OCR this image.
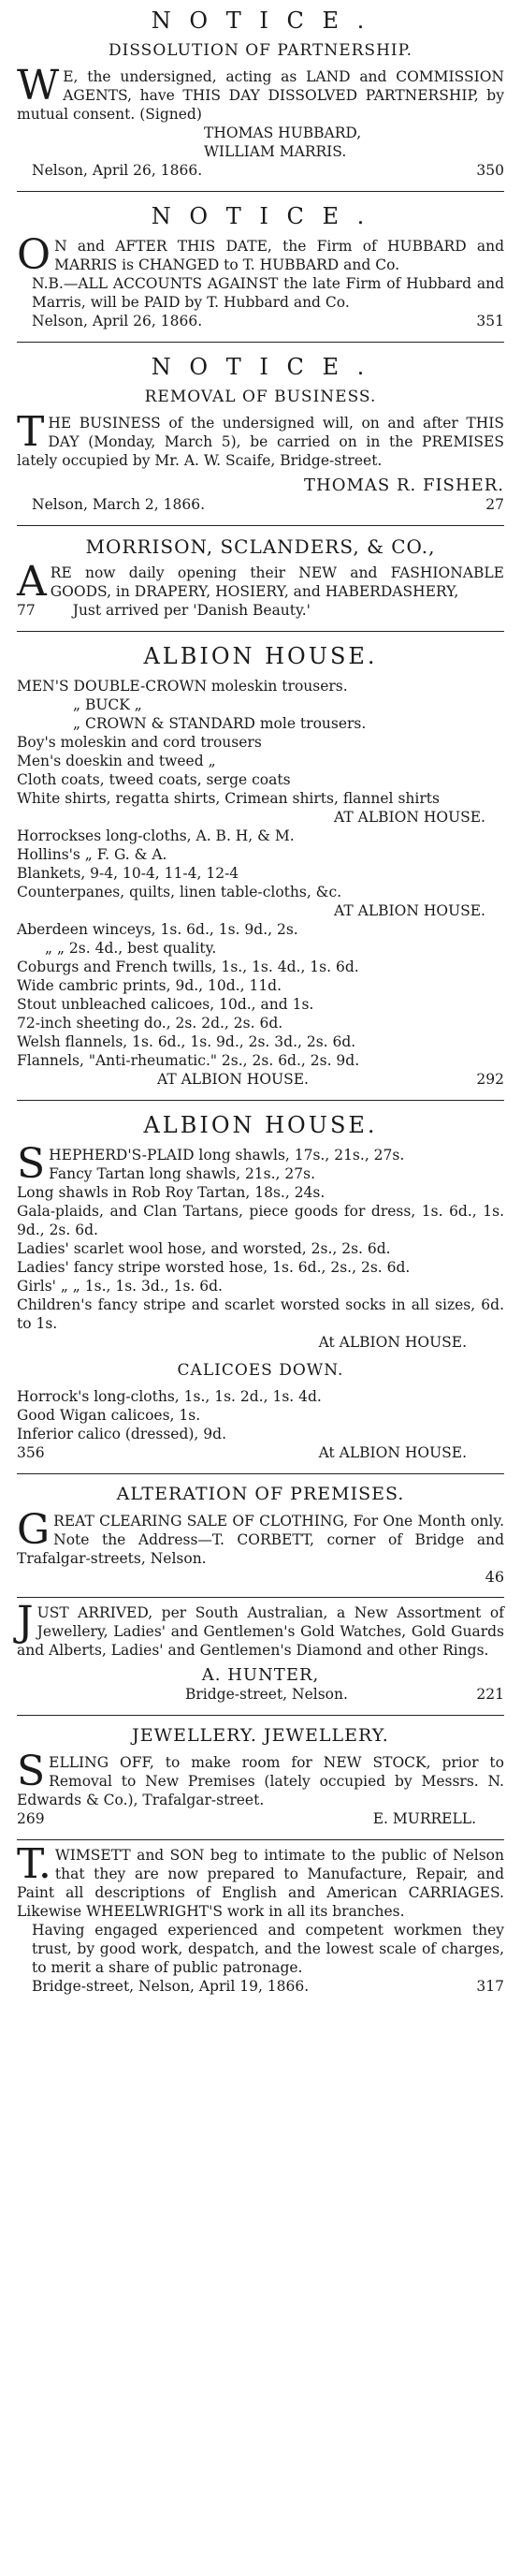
N O T I C E .
DISSOLUTION OF PARTNERSHIP.

WE, the undersigned, acting as LAND and COMMISSION AGENTS, have THIS DAY DISSOLVED PARTNERSHIP, by mutual consent. (Signed)

THOMAS HUBBARD,
WILLIAM MARRIS.
Nelson, April 26, 1866.	350
N O T I C E .

ON and AFTER THIS DATE, the Firm of HUBBARD and MARRIS is CHANGED to T. HUBBARD and Co.

N.B.—ALL ACCOUNTS AGAINST the late Firm of Hubbard and Marris, will be PAID by T. Hubbard and Co.

Nelson, April 26, 1866.	351
N O T I C E .
REMOVAL OF BUSINESS.

THE BUSINESS of the undersigned will, on and after THIS DAY (Monday, March 5), be carried on in the PREMISES lately occupied by Mr. A. W. Scaife, Bridge-street.

THOMAS R. FISHER.
Nelson, March 2, 1866.	27
MORRISON, SCLANDERS, & CO.,

ARE now daily opening their NEW and FASHIONABLE GOODS, in DRAPERY, HOSIERY, and HABERDASHERY,

77	Just arrived per 'Danish Beauty.'
ALBION HOUSE.

MEN'S DOUBLE-CROWN moleskin trousers.

„ BUCK „

„ CROWN & STANDARD mole trousers.

Boy's moleskin and cord trousers

Men's doeskin and tweed „

Cloth coats, tweed coats, serge coats

White shirts, regatta shirts, Crimean shirts, flannel shirts

AT ALBION HOUSE.

Horrockses long-cloths, A. B. H, & M.

Hollins's „ F. G. & A.

Blankets, 9-4, 10-4, 11-4, 12-4

Counterpanes, quilts, linen table-cloths, &c.

AT ALBION HOUSE.

Aberdeen winceys, 1s. 6d., 1s. 9d., 2s.

„ „ 2s. 4d., best quality.

Coburgs and French twills, 1s., 1s. 4d., 1s. 6d.

Wide cambric prints, 9d., 10d., 11d.

Stout unbleached calicoes, 10d., and 1s.

72-inch sheeting do., 2s. 2d., 2s. 6d.

Welsh flannels, 1s. 6d., 1s. 9d., 2s. 3d., 2s. 6d.

Flannels, "Anti-rheumatic." 2s., 2s. 6d., 2s. 9d.

AT ALBION HOUSE.	292
ALBION HOUSE.

SHEPHERD'S-PLAID long shawls, 17s., 21s., 27s.

Fancy Tartan long shawls, 21s., 27s.

Long shawls in Rob Roy Tartan, 18s., 24s.

Gala-plaids, and Clan Tartans, piece goods for dress, 1s. 6d., 1s. 9d., 2s. 6d.

Ladies' scarlet wool hose, and worsted, 2s., 2s. 6d.

Ladies' fancy stripe worsted hose, 1s. 6d., 2s., 2s. 6d.

Girls' „ „ 1s., 1s. 3d., 1s. 6d.

Children's fancy stripe and scarlet worsted socks in all sizes, 6d. to 1s.

At ALBION HOUSE.

CALICOES DOWN.

Horrock's long-cloths, 1s., 1s. 2d., 1s. 4d.

Good Wigan calicoes, 1s.

Inferior calico (dressed), 9d.

356	At ALBION HOUSE.
ALTERATION OF PREMISES.

GREAT CLEARING SALE OF CLOTHING, For One Month only. Note the Address—T. CORBETT, corner of Bridge and Trafalgar-streets, Nelson.

46

JUST ARRIVED, per South Australian, a New Assortment of Jewellery, Ladies' and Gentlemen's Gold Watches, Gold Guards and Alberts, Ladies' and Gentlemen's Diamond and other Rings.

A. HUNTER,
Bridge-street, Nelson.	221
JEWELLERY. JEWELLERY.

SELLING OFF, to make room for NEW STOCK, prior to Removal to New Premises (lately occupied by Messrs. N. Edwards & Co.), Trafalgar-street.

269	E. MURRELL.

T.WIMSETT and SON beg to intimate to the public of Nelson that they are now prepared to Manufacture, Repair, and Paint all descriptions of English and American CARRIAGES. Likewise WHEELWRIGHT'S work in all its branches.

Having engaged experienced and competent workmen they trust, by good work, despatch, and the lowest scale of charges, to merit a share of public patronage.

Bridge-street, Nelson, April 19, 1866.	317
